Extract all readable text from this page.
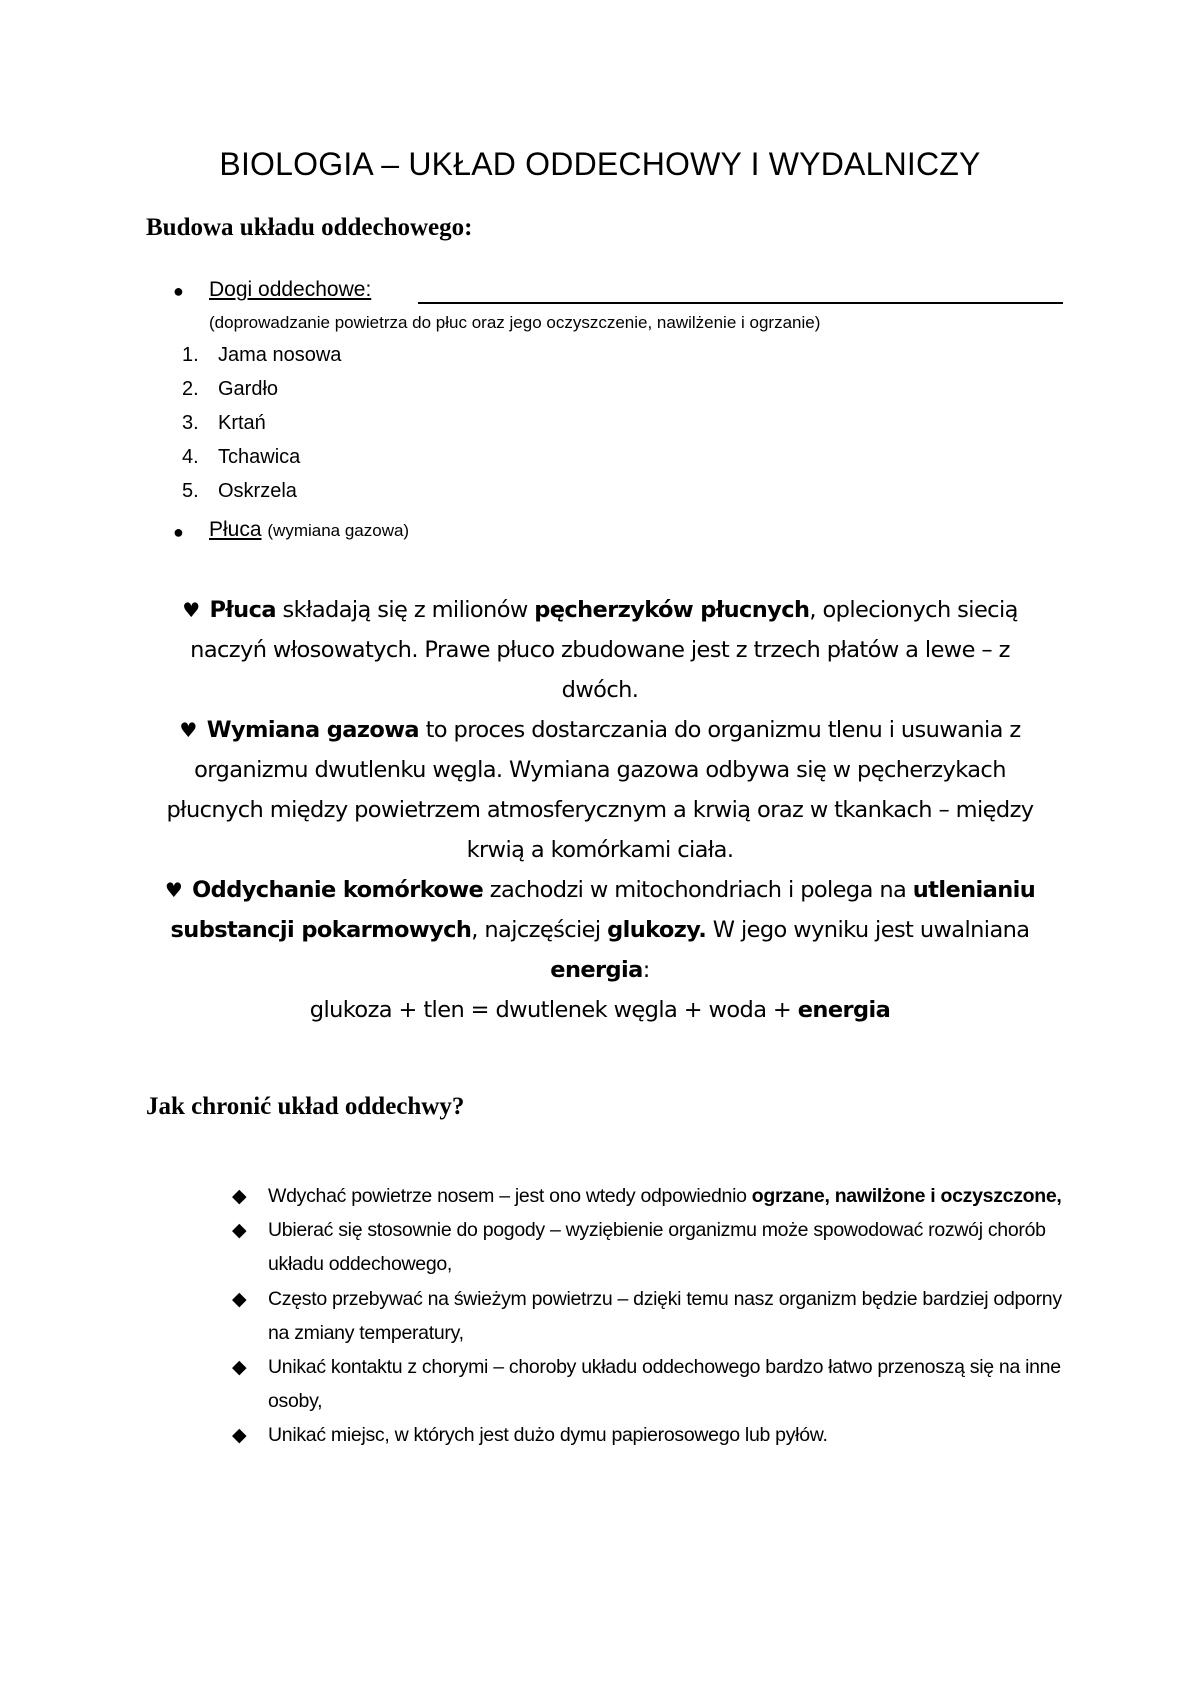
BIOLOGIA – UKŁAD ODDECHOWY I WYDALNICZY
Budowa układu oddechowego:
● Dogi oddechowe:
(doprowadzanie powietrza do płuc oraz jego oczyszczenie, nawilżenie i ogrzanie)
1. Jama nosowa
2. Gardło
3. Krtań
4. Tchawica
5. Oskrzela
● Płuca (wymiana gazowa)
♥ Płuca składają się z milionów pęcherzyków płucnych, oplecionych siecią naczyń włosowatych. Prawe płuco zbudowane jest z trzech płatów a lewe – z dwóch.
♥ Wymiana gazowa to proces dostarczania do organizmu tlenu i usuwania z organizmu dwutlenku węgla. Wymiana gazowa odbywa się w pęcherzykach płucnych między powietrzem atmosferycznym a krwią oraz w tkankach – między krwią a komórkami ciała.
♥ Oddychanie komórkowe zachodzi w mitochondriach i polega na utlenianiu substancji pokarmowych, najczęściej glukozy. W jego wyniku jest uwalniana energia:
glukoza + tlen = dwutlenek węgla + woda + energia
Jak chronić układ oddechwy?
◆ Wdychać powietrze nosem – jest ono wtedy odpowiednio ogrzane, nawilżone i oczyszczone,
◆ Ubierać się stosownie do pogody – wyziębienie organizmu może spowodować rozwój chorób układu oddechowego,
◆ Często przebywać na świeżym powietrzu – dzięki temu nasz organizm będzie bardziej odporny na zmiany temperatury,
◆ Unikać kontaktu z chorymi – choroby układu oddechowego bardzo łatwo przenoszą się na inne osoby,
◆ Unikać miejsc, w których jest dużo dymu papierosowego lub pyłów.
